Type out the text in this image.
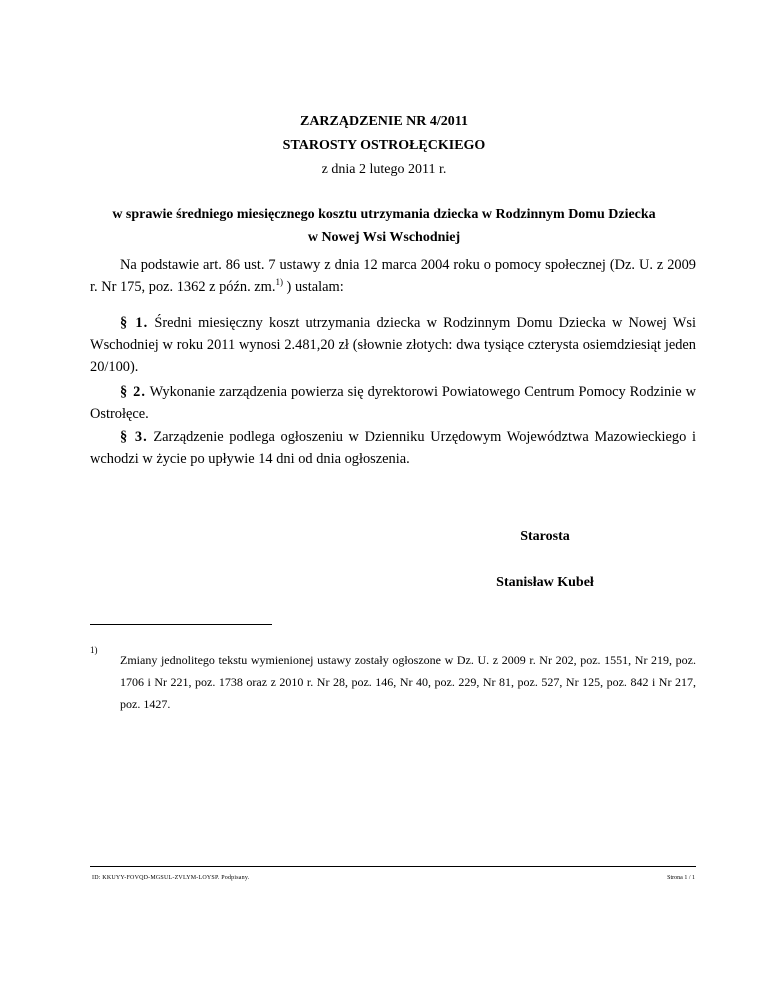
ZARZĄDZENIE NR 4/2011
STAROSTY OSTROŁĘCKIEGO
z dnia 2 lutego 2011 r.
w sprawie średniego miesięcznego kosztu utrzymania dziecka w Rodzinnym Domu Dziecka
w Nowej Wsi Wschodniej
Na podstawie art. 86 ust. 7 ustawy z dnia 12 marca 2004 roku o pomocy społecznej (Dz. U. z 2009 r. Nr 175, poz. 1362 z późn. zm.$^{1)}$ ) ustalam:
§ 1. Średni miesięczny koszt utrzymania dziecka w Rodzinnym Domu Dziecka w Nowej Wsi Wschodniej w roku 2011 wynosi 2.481,20 zł (słownie złotych: dwa tysiące czterysta osiemdziesiąt jeden 20/100).
§ 2. Wykonanie zarządzenia powierza się dyrektorowi Powiatowego Centrum Pomocy Rodzinie w Ostrołęce.
§ 3. Zarządzenie podlega ogłoszeniu w Dzienniku Urzędowym Województwa Mazowieckiego i wchodzi w życie po upływie 14 dni od dnia ogłoszenia.
Starosta
Stanisław Kubeł
1)
Zmiany jednolitego tekstu wymienionej ustawy zostały ogłoszone w Dz. U. z 2009 r. Nr 202, poz. 1551, Nr 219, poz. 1706 i Nr 221, poz. 1738 oraz z 2010 r. Nr 28, poz. 146, Nr 40, poz. 229, Nr 81, poz. 527, Nr 125, poz. 842 i Nr 217, poz. 1427.
ID: KKUYY-FOVQD-MGSUL-ZVLYM-LOYSP. Podpisany.	Strona 1 / 1
